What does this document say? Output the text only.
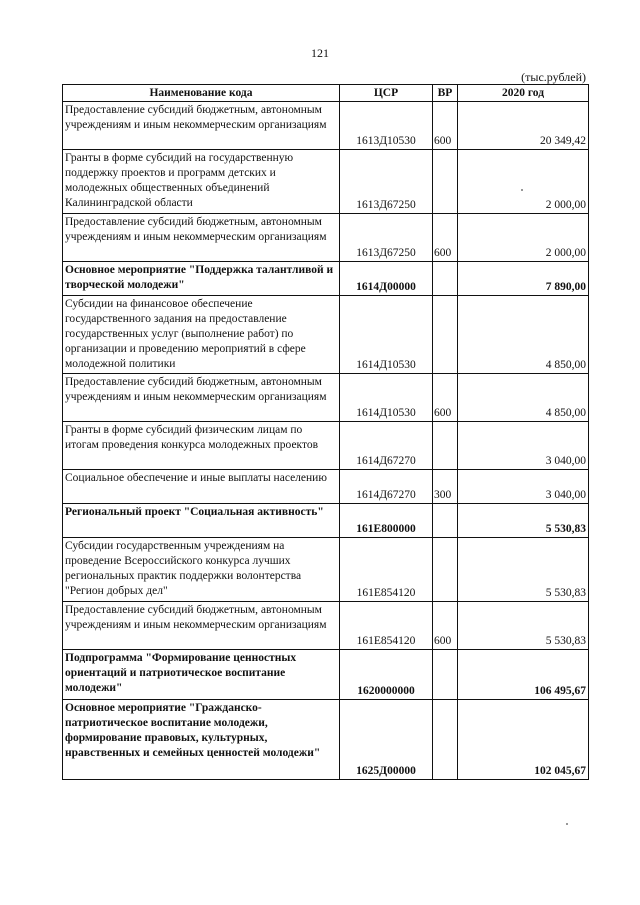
121
(тыс.рублей)
Наименование кода	ЦСР	ВР	2020 год
Предоставление субсидий бюджетным, автономным учреждениям и иным некоммерческим организациям	1613Д10530	600	20 349,42
Гранты в форме субсидий на государственную поддержку проектов и программ детских и молодежных общественных объединений Калининградской области	1613Д67250		2 000,00
Предоставление субсидий бюджетным, автономным учреждениям и иным некоммерческим организациям	1613Д67250	600	2 000,00
Основное мероприятие "Поддержка талантливой и творческой молодежи"	1614Д00000		7 890,00
Субсидии на финансовое обеспечение государственного задания на предоставление государственных услуг (выполнение работ) по организации и проведению мероприятий в сфере молодежной политики	1614Д10530		4 850,00
Предоставление субсидий бюджетным, автономным учреждениям и иным некоммерческим организациям	1614Д10530	600	4 850,00
Гранты в форме субсидий физическим лицам по итогам проведения конкурса молодежных проектов	1614Д67270		3 040,00
Социальное обеспечение и иные выплаты населению	1614Д67270	300	3 040,00
Региональный проект "Социальная активность"	161Е800000		5 530,83
Субсидии государственным учреждениям на проведение Всероссийского конкурса лучших региональных практик поддержки волонтерства "Регион добрых дел"	161Е854120		5 530,83
Предоставление субсидий бюджетным, автономным учреждениям и иным некоммерческим организациям	161Е854120	600	5 530,83
Подпрограмма "Формирование ценностных ориентаций и патриотическое воспитание молодежи"	1620000000		106 495,67
Основное мероприятие "Гражданско-патриотическое воспитание молодежи, формирование правовых, культурных, нравственных и семейных ценностей молодежи"	1625Д00000		102 045,67
